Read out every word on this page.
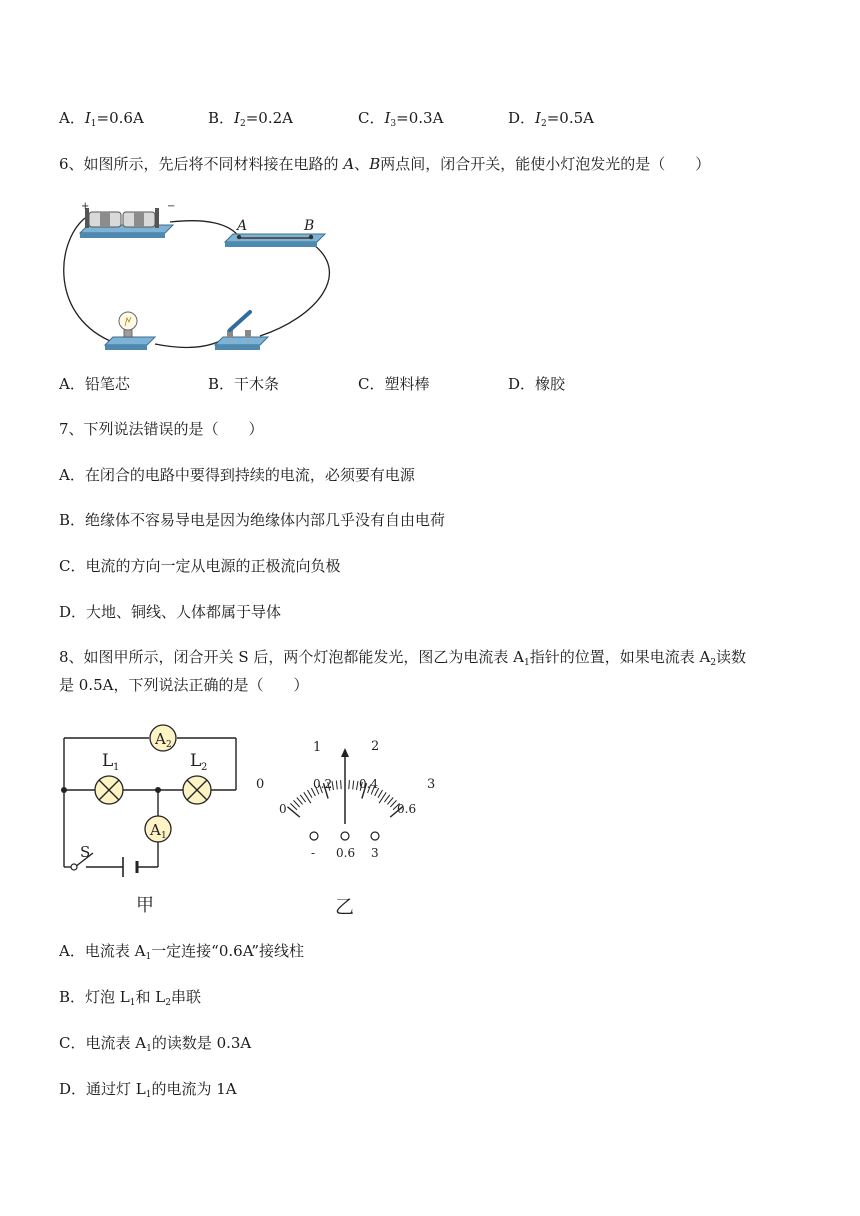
A．$I_1=0.6A$	B．$I_2=0.2A$	C．$I_3=0.3A$	D．$I_2=0.5A$
6、如图所示，先后将不同材料接在电路的 A、B两点间，闭合开关，能使小灯泡发光的是（　　）
+	−
A	B
A．铅笔芯	B．干木条	C．塑料棒	D．橡胶
7、下列说法错误的是（　　）
A．在闭合的电路中要得到持续的电流，必须要有电源
B．绝缘体不容易导电是因为绝缘体内部几乎没有自由电荷
C．电流的方向一定从电源的正极流向负极
D．大地、铜线、人体都属于导体
8、如图甲所示，闭合开关 S 后，两个灯泡都能发光，图乙为电流表 $A_1$指针的位置，如果电流表 $A_2$读数
是 0.5A，下列说法正确的是（　　）
A 2
A 1
L 1	L 2
S
甲
0
1	2
3
0
0.2 0.4
0.6
- 0.6 3
乙
A．电流表 $A_1$一定连接“0.6A”接线柱
B．灯泡 $L_1$和 $L_2$串联
C．电流表 $A_1$的读数是 0.3A
D．通过灯 $L_1$的电流为 1A
